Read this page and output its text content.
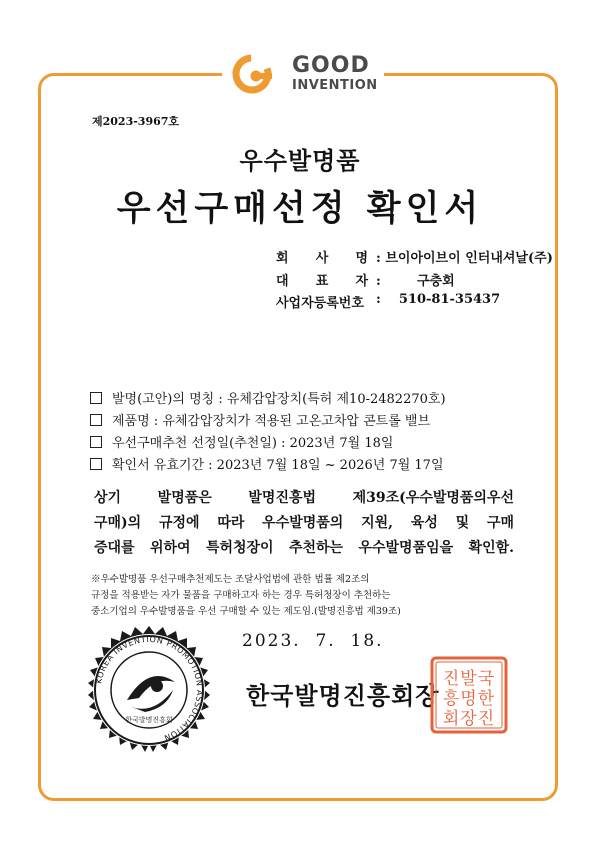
GOOD
INVENTION
제2023-3967호
우수발명품
우선구매선정 확인서
회 사 명 : 브이아이브이 인터내셔날(주)
대 표 자 :        구충회
사업자등록번호 :    510-81-35437
발명(고안)의 명칭 : 유체감압장치(특허 제10-2482270호)
제품명 : 유체감압장치가 적용된 고온고차압 콘트롤 밸브
우선구매추천 선정일(추천일) : 2023년 7월 18일
확인서 유효기간 : 2023년 7월 18일 ~ 2026년 7월 17일
상기 발명품은 발명진흥법 제39조(우수발명품의우선
구매)의 규정에 따라 우수발명품의 지원, 육성 및 구매
증대를 위하여 특허청장이 추천하는 우수발명품임을 확인함.
※우수발명품 우선구매추천제도는 조달사업법에 관한 법률 제2조의
규정을 적용받는 자가 물품을 구매하고자 하는 경우 특허청장이 추천하는
중소기업의 우수발명품을 우선 구매할 수 있는 제도임.(발명진흥법 제39조)
2023.  7.  18.
KOREA INVENTION PROMOTION ASSOCIATION
한국발명진흥회
한국발명진흥회장
진발국
흥명한
회장진
